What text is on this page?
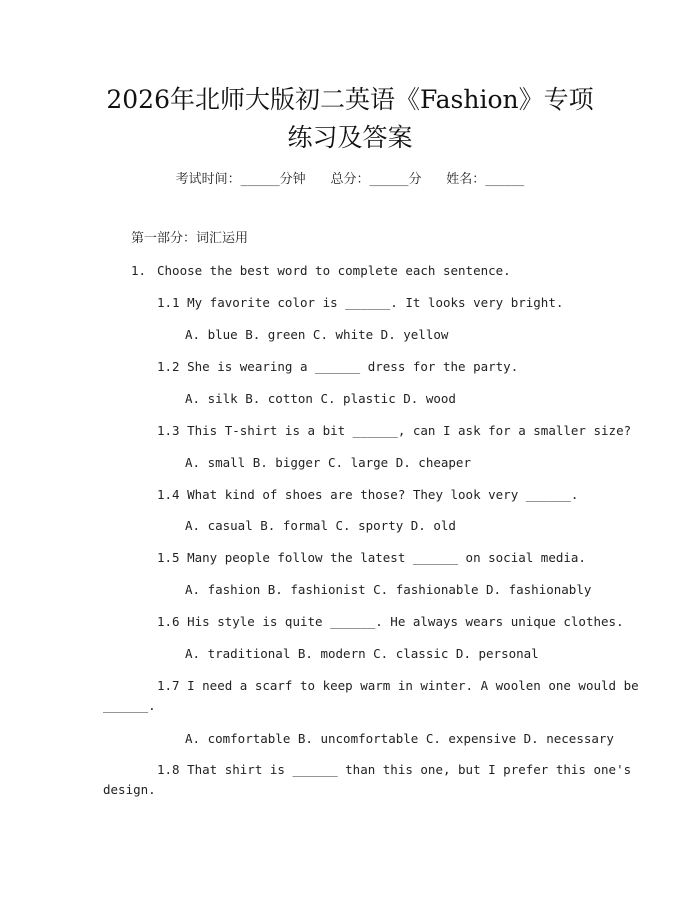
2026年北师大版初二英语《Fashion》专项
练习及答案
考试时间：______分钟 总分：______分 姓名：______
第一部分：词汇运用
1. Choose the best word to complete each sentence.
1.1 My favorite color is ______. It looks very bright.
A. blue B. green C. white D. yellow
1.2 She is wearing a ______ dress for the party.
A. silk B. cotton C. plastic D. wood
1.3 This T-shirt is a bit ______, can I ask for a smaller size?
A. small B. bigger C. large D. cheaper
1.4 What kind of shoes are those? They look very ______.
A. casual B. formal C. sporty D. old
1.5 Many people follow the latest ______ on social media.
A. fashion B. fashionist C. fashionable D. fashionably
1.6 His style is quite ______. He always wears unique clothes.
A. traditional B. modern C. classic D. personal
1.7 I need a scarf to keep warm in winter. A woolen one would be
______.
A. comfortable B. uncomfortable C. expensive D. necessary
1.8 That shirt is ______ than this one, but I prefer this one's
design.
